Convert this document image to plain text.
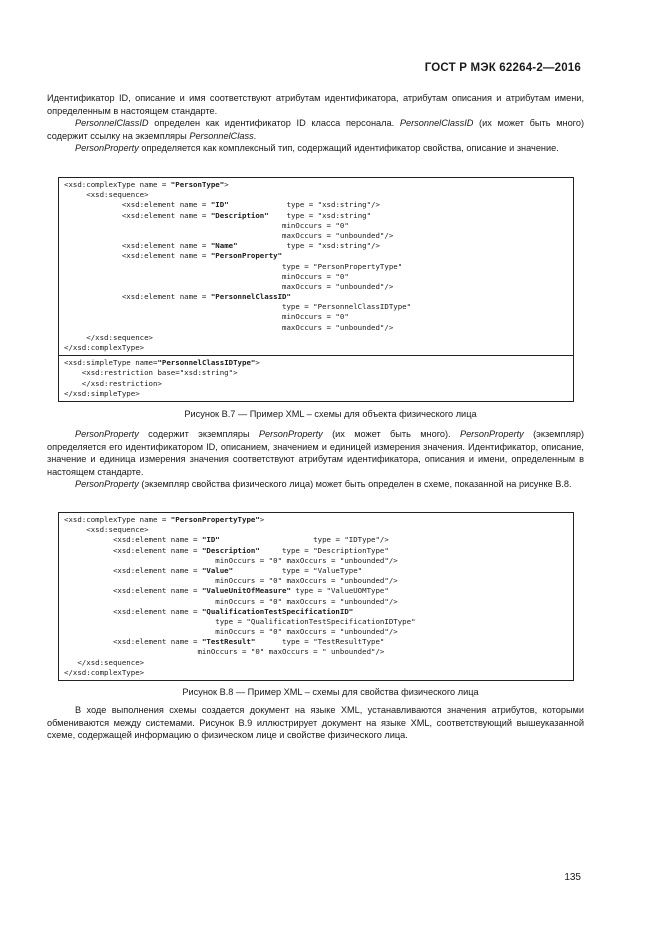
ГОСТ Р МЭК 62264-2—2016

Идентификатор ID, описание и имя соответствуют атрибутам идентификатора, атрибутам описания и атрибутам имени, определенным в настоящем стандарте.

PersonnelClassID определен как идентификатор ID класса персонала. PersonnelClassID (их может быть много) содержит ссылку на экземпляры PersonnelClass.

PersonProperty определяется как комплексный тип, содержащий идентификатор свойства, описание и значение.

<xsd:complexType name = "PersonType">
<xsd:sequence>
<xsd:element name = "ID"             type = "xsd:string"/>
<xsd:element name = "Description"    type = "xsd:string"
minOccurs = "0"
maxOccurs = "unbounded"/>
<xsd:element name = "Name"           type = "xsd:string"/>
<xsd:element name = "PersonProperty"
type = "PersonPropertyType"
minOccurs = "0"
maxOccurs = "unbounded"/>
<xsd:element name = "PersonnelClassID"
type = "PersonnelClassIDType"
minOccurs = "0"
maxOccurs = "unbounded"/>
</xsd:sequence>
</xsd:complexType>
<xsd:simpleType name="PersonnelClassIDType">
<xsd:restriction base="xsd:string">
</xsd:restriction>
</xsd:simpleType>
Рисунок В.7 — Пример XML – схемы для объекта физического лица

PersonProperty содержит экземпляры PersonProperty (их может быть много). PersonProperty (экземпляр) определяется его идентификатором ID, описанием, значением и единицей измерения значения. Идентификатор, описание, значение и единица измерения значения соответствуют атрибутам идентификатора, описания и имени, определенным в настоящем стандарте.

PersonProperty (экземпляр свойства физического лица) может быть определен в схеме, показанной на рисунке В.8.

<xsd:complexType name = "PersonPropertyType">
<xsd:sequence>
<xsd:element name = "ID"                     type = "IDType"/>
<xsd:element name = "Description"     type = "DescriptionType"
minOccurs = "0" maxOccurs = "unbounded"/>
<xsd:element name = "Value"           type = "ValueType"
minOccurs = "0" maxOccurs = "unbounded"/>
<xsd:element name = "ValueUnitOfMeasure" type = "ValueUOMType"
minOccurs = "0" maxOccurs = "unbounded"/>
<xsd:element name = "QualificationTestSpecificationID"
type = "QualificationTestSpecificationIDType"
minOccurs = "0" maxOccurs = "unbounded"/>
<xsd:element name = "TestResult"      type = "TestResultType"
minOccurs = "0" maxOccurs = " unbounded"/>
</xsd:sequence>
</xsd:complexType>
Рисунок В.8 — Пример XML – схемы для свойства физического лица

В ходе выполнения схемы создается документ на языке XML, устанавливаются значения атрибутов, которыми обмениваются между системами. Рисунок В.9 иллюстрирует документ на языке XML, соответствующий вышеуказанной схеме, содержащей информацию о физическом лице и свойстве физического лица.

135
